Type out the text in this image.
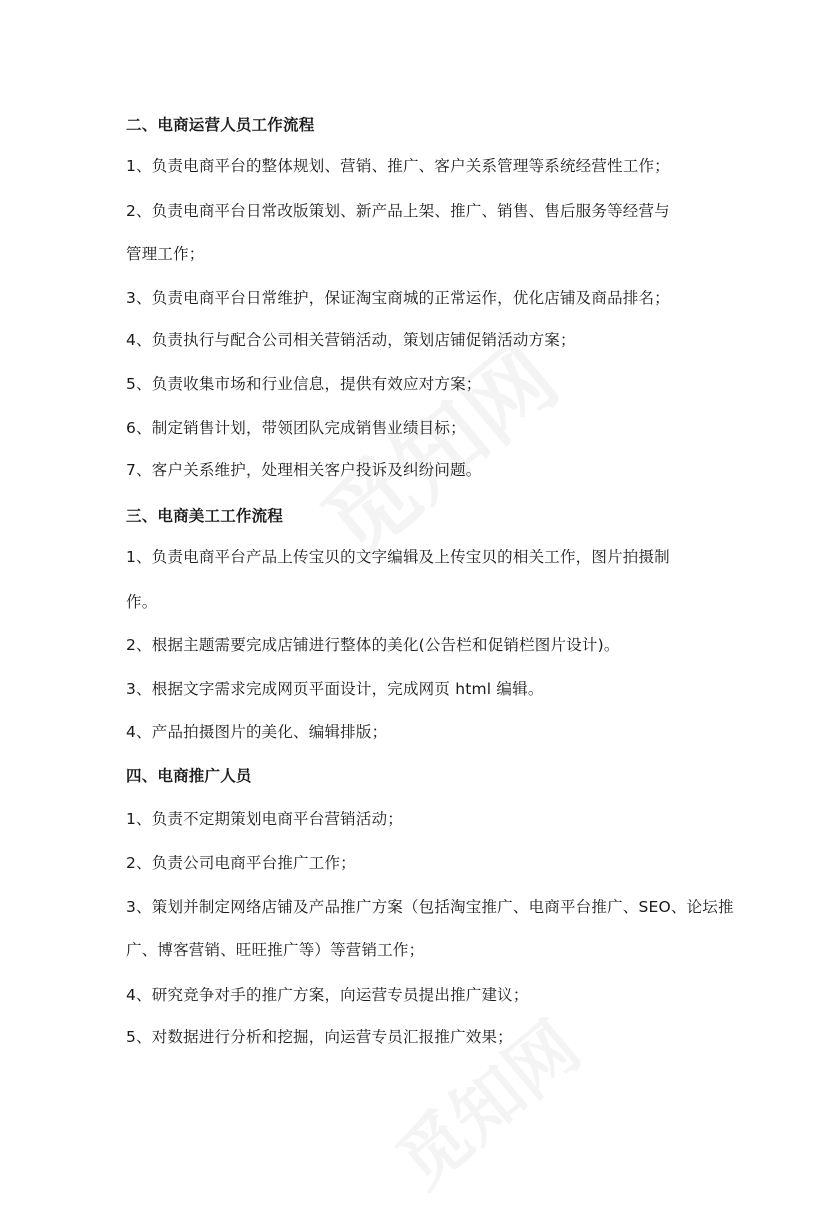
二、电商运营人员工作流程
1、负责电商平台的整体规划、营销、推广、客户关系管理等系统经营性工作；
2、负责电商平台日常改版策划、新产品上架、推广、销售、售后服务等经营与
管理工作；
3、负责电商平台日常维护，保证淘宝商城的正常运作，优化店铺及商品排名；
4、负责执行与配合公司相关营销活动，策划店铺促销活动方案；
5、负责收集市场和行业信息，提供有效应对方案；
6、制定销售计划，带领团队完成销售业绩目标；
7、客户关系维护，处理相关客户投诉及纠纷问题。
三、电商美工工作流程
1、负责电商平台产品上传宝贝的文字编辑及上传宝贝的相关工作，图片拍摄制
作。
2、根据主题需要完成店铺进行整体的美化(公告栏和促销栏图片设计)。
3、根据文字需求完成网页平面设计，完成网页 html 编辑。
4、产品拍摄图片的美化、编辑排版；
四、电商推广人员
1、负责不定期策划电商平台营销活动；
2、负责公司电商平台推广工作；
3、策划并制定网络店铺及产品推广方案（包括淘宝推广、电商平台推广、SEO、论坛推
广、博客营销、旺旺推广等）等营销工作；
4、研究竞争对手的推广方案，向运营专员提出推广建议；
5、对数据进行分析和挖掘，向运营专员汇报推广效果；
